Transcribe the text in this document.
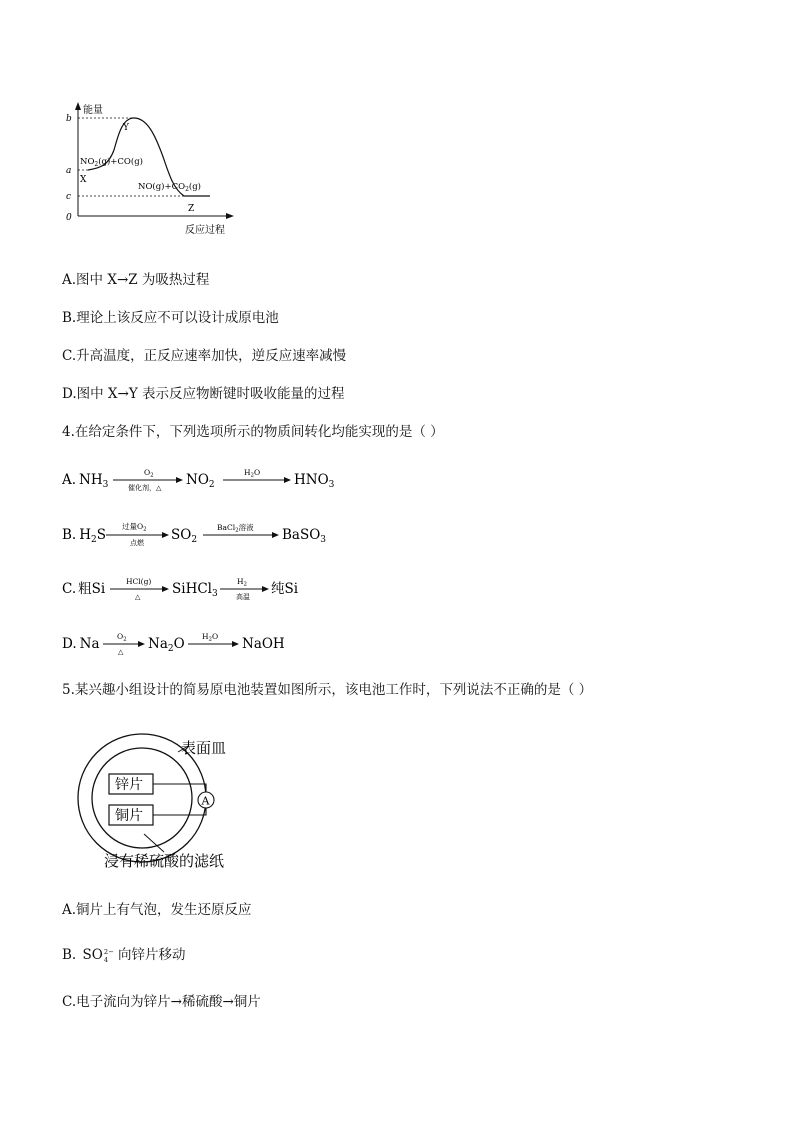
能量
b
a
c
0
Y
X
Z
$NO_2(g)+CO(g)$
$NO(g)+CO_2(g)$
反应过程
A.图中 X→Z 为吸热过程
B.理论上该反应不可以设计成原电池
C.升高温度，正反应速率加快，逆反应速率减慢
D.图中 X→Y 表示反应物断键时吸收能量的过程
4.在给定条件下，下列选项所示的物质间转化均能实现的是（ ）
A. $NH_3$
$O_2$
催化剂，△ $NO_2$
$H_2O$	$HNO_3$
B. $H_2S$
过量$O_2$
点燃 $SO_2$
BaCl$_2$溶液 BaSO$_3$
C. 粗Si	HCl(g)
△ SiHCl$_3$
$H_2$
高温 纯Si
D. Na $O_2$
△ $Na_2O$ $H_2O$ NaOH
5.某兴趣小组设计的简易原电池装置如图所示，该电池工作时，下列说法不正确的是（ ）
锌片
铜片
A
表面皿
浸有稀硫酸的滤纸
A.铜片上有气泡，发生还原反应
B. SO 2−
4 向锌片移动
C.电子流向为锌片→稀硫酸→铜片
